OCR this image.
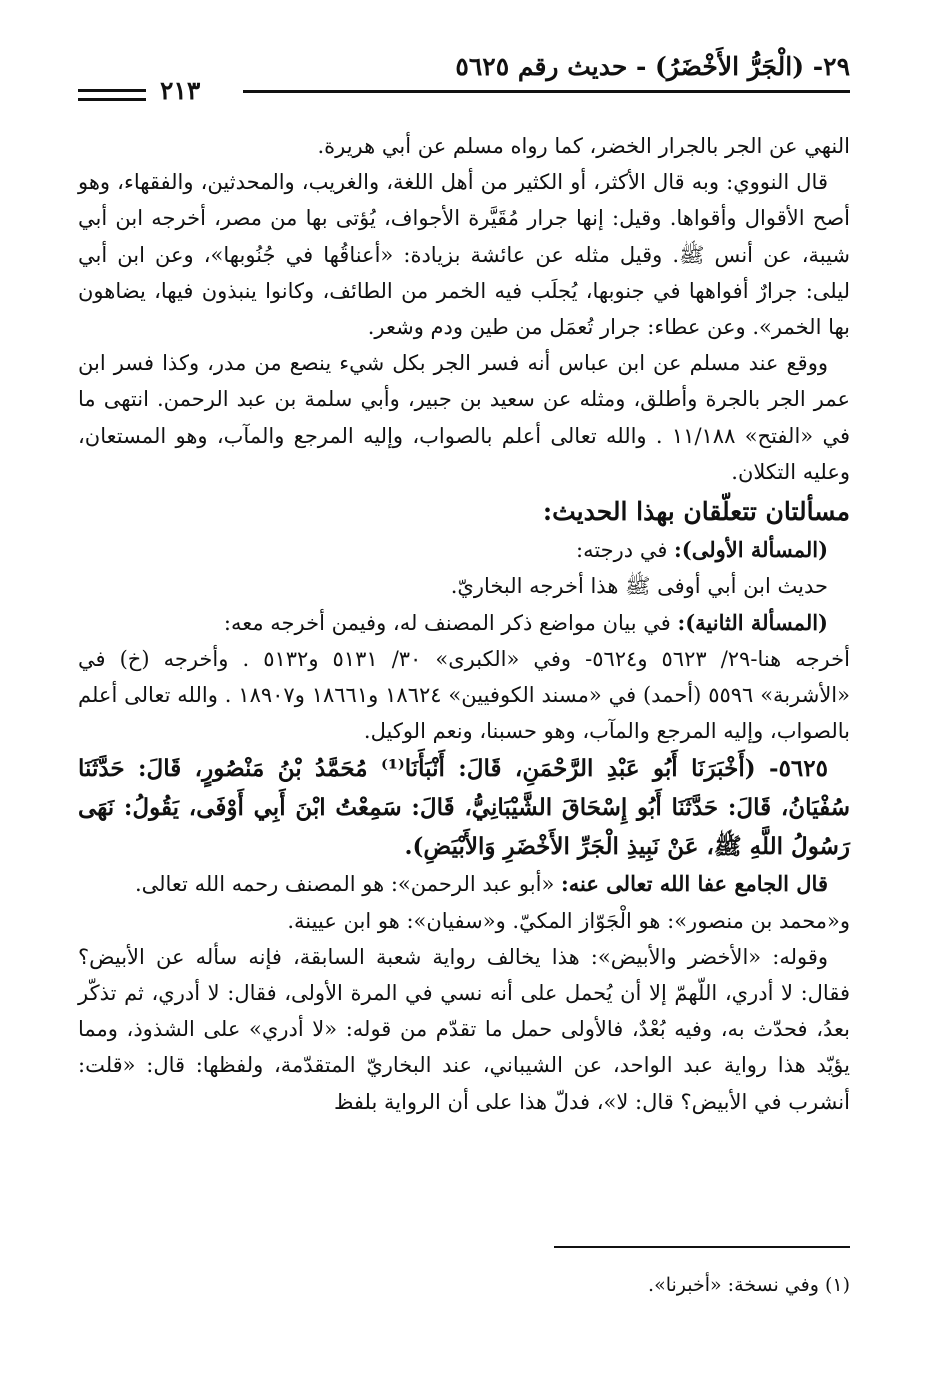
٢٩- (الْجَرُّ الأَخْضَرُ) - حديث رقم ٥٦٢٥
٢١٣

النهي عن الجر بالجرار الخضر، كما رواه مسلم عن أبي هريرة.

قال النووي: وبه قال الأكثر، أو الكثير من أهل اللغة، والغريب، والمحدثين، والفقهاء، وهو أصح الأقوال وأقواها. وقيل: إنها جرار مُقَيَّرة الأجواف، يُؤتى بها من مصر، أخرجه ابن أبي شيبة، عن أنس ﷺ. وقيل مثله عن عائشة بزيادة: «أعناقُها في جُنُوبها»، وعن ابن أبي ليلى: جرارٌ أفواهها في جنوبها، يُجلَب فيه الخمر من الطائف، وكانوا ينبذون فيها، يضاهون بها الخمر». وعن عطاء: جرار تُعمَل من طين ودم وشعر.

ووقع عند مسلم عن ابن عباس أنه فسر الجر بكل شيء ينصع من مدر، وكذا فسر ابن عمر الجر بالجرة وأطلق، ومثله عن سعيد بن جبير، وأبي سلمة بن عبد الرحمن. انتهى ما في «الفتح» ١١/١٨٨ . والله تعالى أعلم بالصواب، وإليه المرجع والمآب، وهو المستعان، وعليه التكلان.

مسألتان تتعلّقان بهذا الحديث:

(المسألة الأولى): في درجته:

حديث ابن أبي أوفى ﷺ هذا أخرجه البخاريّ.

(المسألة الثانية): في بيان مواضع ذكر المصنف له، وفيمن أخرجه معه:

أخرجه هنا-٢٩/ ٥٦٢٣ و٥٦٢٤- وفي «الكبرى» ٣٠/ ٥١٣١ و٥١٣٢ . وأخرجه (خ) في «الأشربة» ٥٥٩٦ (أحمد) في «مسند الكوفيين» ١٨٦٢٤ و١٨٦٦١ و١٨٩٠٧ . والله تعالى أعلم بالصواب، وإليه المرجع والمآب، وهو حسبنا، ونعم الوكيل.

٥٦٢٥- (أَخْبَرَنَا أَبُو عَبْدِ الرَّحْمَنِ، قَالَ: أَنْبَأَنَا⁽¹⁾ مُحَمَّدُ بْنُ مَنْصُورٍ، قَالَ: حَدَّثَنَا سُفْيَانُ، قَالَ: حَدَّثَنَا أَبُو إِسْحَاقَ الشَّيْبَانِيُّ، قَالَ: سَمِعْتُ ابْنَ أَبِي أَوْفَى، يَقُولُ: نَهَى رَسُولُ اللَّهِ ﷺ، عَنْ نَبِيذِ الْجَرِّ الأَخْضَرِ وَالأَبْيَضِ).

قال الجامع عفا الله تعالى عنه: «أبو عبد الرحمن»: هو المصنف رحمه الله تعالى.

و«محمد بن منصور»: هو الْجَوّاز المكيّ. و«سفيان»: هو ابن عيينة.

وقوله: «الأخضر والأبيض»: هذا يخالف رواية شعبة السابقة، فإنه سأله عن الأبيض؟ فقال: لا أدري، اللّهمّ إلا أن يُحمل على أنه نسي في المرة الأولى، فقال: لا أدري، ثم تذكّر بعدُ، فحدّث به، وفيه بُعْدٌ، فالأولى حمل ما تقدّم من قوله: «لا أدري» على الشذوذ، ومما يؤيّد هذا رواية عبد الواحد، عن الشيباني، عند البخاريّ المتقدّمة، ولفظها: قال: «قلت: أنشرب في الأبيض؟ قال: لا»، فدلّ هذا على أن الرواية بلفظ

(١) وفي نسخة: «أخبرنا».
